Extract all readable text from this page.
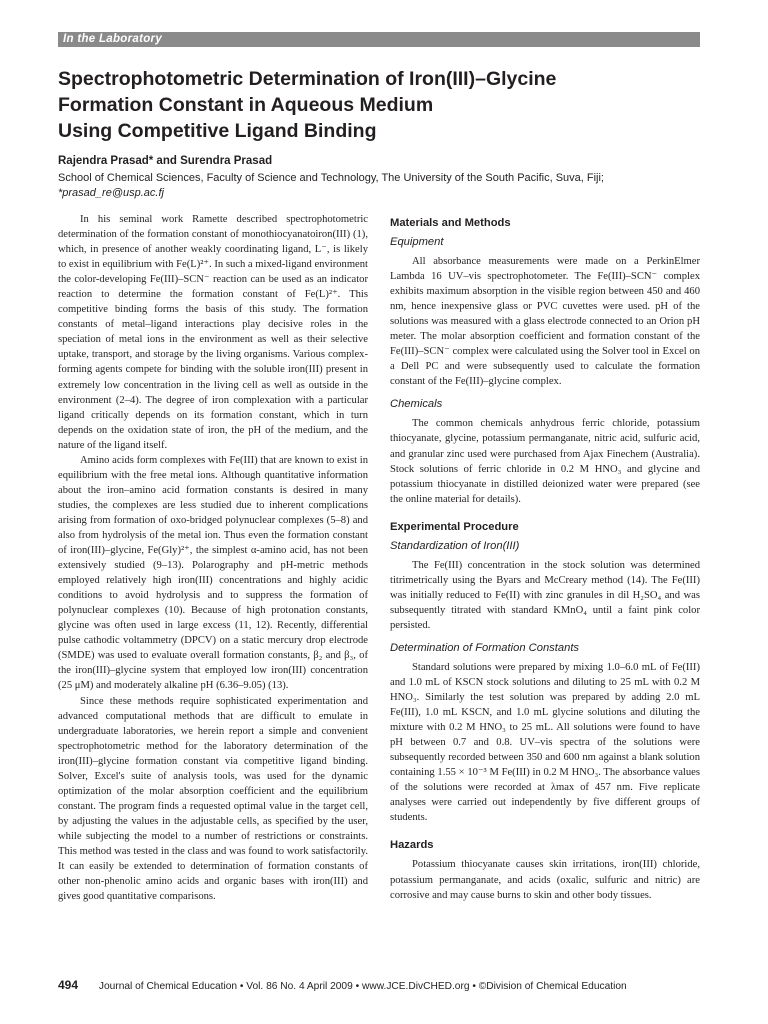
In the Laboratory
Spectrophotometric Determination of Iron(III)–Glycine
Formation Constant in Aqueous Medium
Using Competitive Ligand Binding
Rajendra Prasad* and Surendra Prasad
School of Chemical Sciences, Faculty of Science and Technology, The University of the South Pacific, Suva, Fiji;
*prasad_re@usp.ac.fj

In his seminal work Ramette described spectrophotometric determination of the formation constant of monothiocyanatoiron(III) (1), which, in presence of another weakly coordinating ligand, L⁻, is likely to exist in equilibrium with Fe(L)²⁺. In such a mixed-ligand environment the color-developing Fe(III)–SCN⁻ reaction can be used as an indicator reaction to determine the formation constant of Fe(L)²⁺. This competitive binding forms the basis of this study. The formation constants of metal–ligand interactions play decisive roles in the speciation of metal ions in the environment as well as their selective uptake, transport, and storage by the living organisms. Various complex-forming agents compete for binding with the soluble iron(III) present in extremely low concentration in the living cell as well as outside in the environment (2–4). The degree of iron complexation with a particular ligand critically depends on its formation constant, which in turn depends on the oxidation state of iron, the pH of the medium, and the nature of the ligand itself.

Amino acids form complexes with Fe(III) that are known to exist in equilibrium with the free metal ions. Although quantitative information about the iron–amino acid formation constants is desired in many studies, the complexes are less studied due to inherent complications arising from formation of oxo-bridged polynuclear complexes (5–8) and also from hydrolysis of the metal ion. Thus even the formation constant of iron(III)–glycine, Fe(Gly)²⁺, the simplest α-amino acid, has not been extensively studied (9–13). Polarography and pH-metric methods employed relatively high iron(III) concentrations and highly acidic conditions to avoid hydrolysis and to suppress the formation of polynuclear complexes (10). Because of high protonation constants, glycine was often used in large excess (11, 12). Recently, differential pulse cathodic voltammetry (DPCV) on a static mercury drop electrode (SMDE) was used to evaluate overall formation constants, β₂ and β₃, of the iron(III)–glycine system that employed low iron(III) concentration (25 μM) and moderately alkaline pH (6.36–9.05) (13).

Since these methods require sophisticated experimentation and advanced computational methods that are difficult to emulate in undergraduate laboratories, we herein report a simple and convenient spectrophotometric method for the laboratory determination of the iron(III)–glycine formation constant via competitive ligand binding. Solver, Excel's suite of analysis tools, was used for the dynamic optimization of the molar absorption coefficient and the equilibrium constant. The program finds a requested optimal value in the target cell, by adjusting the values in the adjustable cells, as specified by the user, while subjecting the model to a number of restrictions or constraints. This method was tested in the class and was found to work satisfactorily. It can easily be extended to determination of formation constants of other non-phenolic amino acids and organic bases with iron(III) and gives good quantitative comparisons.

Materials and Methods
Equipment

All absorbance measurements were made on a PerkinElmer Lambda 16 UV–vis spectrophotometer. The Fe(III)–SCN⁻ complex exhibits maximum absorption in the visible region between 450 and 460 nm, hence inexpensive glass or PVC cuvettes were used. pH of the solutions was measured with a glass electrode connected to an Orion pH meter. The molar absorption coefficient and formation constant of the Fe(III)–SCN⁻ complex were calculated using the Solver tool in Excel on a Dell PC and were subsequently used to calculate the formation constant of the Fe(III)–glycine complex.

Chemicals

The common chemicals anhydrous ferric chloride, potassium thiocyanate, glycine, potassium permanganate, nitric acid, sulfuric acid, and granular zinc used were purchased from Ajax Finechem (Australia). Stock solutions of ferric chloride in 0.2 M HNO₃ and glycine and potassium thiocyanate in distilled deionized water were prepared (see the online material for details).

Experimental Procedure
Standardization of Iron(III)

The Fe(III) concentration in the stock solution was determined titrimetrically using the Byars and McCreary method (14). The Fe(III) was initially reduced to Fe(II) with zinc granules in dil H₂SO₄ and was subsequently titrated with standard KMnO₄ until a faint pink color persisted.

Determination of Formation Constants

Standard solutions were prepared by mixing 1.0–6.0 mL of Fe(III) and 1.0 mL of KSCN stock solutions and diluting to 25 mL with 0.2 M HNO₃. Similarly the test solution was prepared by adding 2.0 mL Fe(III), 1.0 mL KSCN, and 1.0 mL glycine solutions and diluting the mixture with 0.2 M HNO₃ to 25 mL. All solutions were found to have pH between 0.7 and 0.8. UV–vis spectra of the solutions were subsequently recorded between 350 and 600 nm against a blank solution containing 1.55 × 10⁻³ M Fe(III) in 0.2 M HNO₃. The absorbance values of the solutions were recorded at λmax of 457 nm. Five replicate analyses were carried out independently by five different groups of students.

Hazards

Potassium thiocyanate causes skin irritations, iron(III) chloride, potassium permanganate, and acids (oxalic, sulfuric and nitric) are corrosive and may cause burns to skin and other body tissues.

494 Journal of Chemical Education • Vol. 86 No. 4 April 2009 • www.JCE.DivCHED.org • ©Division of Chemical Education
